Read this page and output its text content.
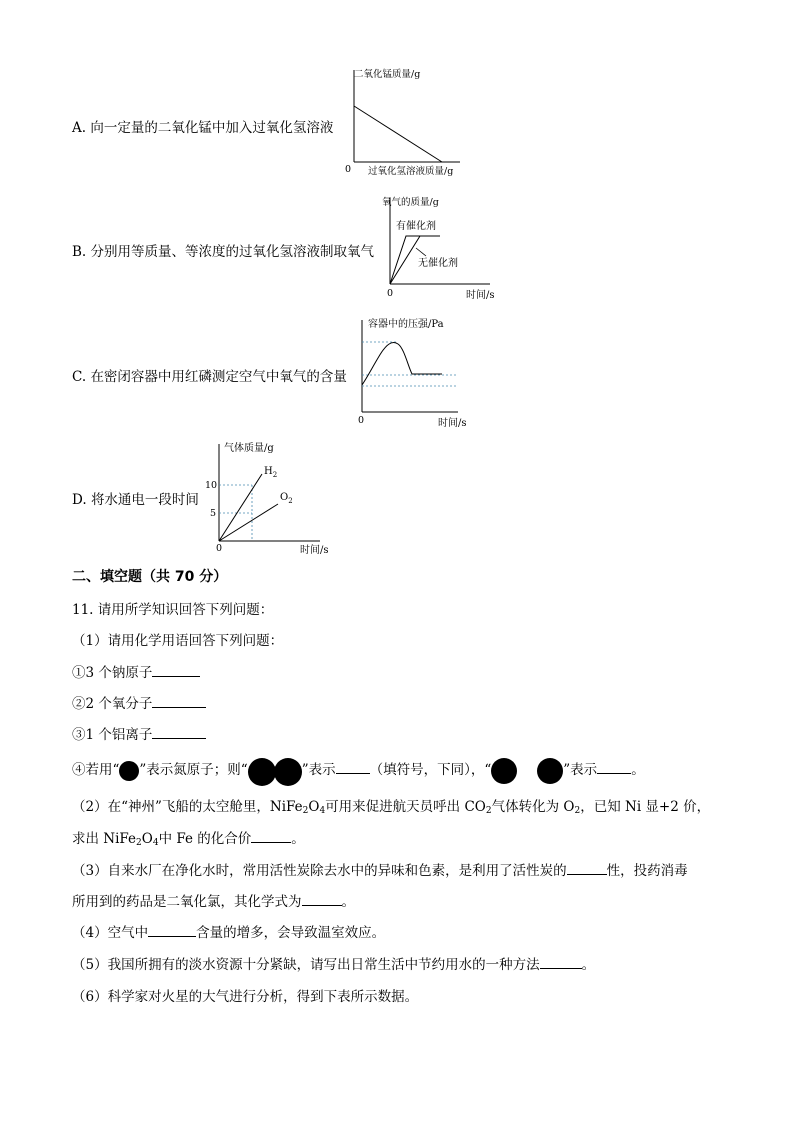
A. 向一定量的二氧化锰中加入过氧化氢溶液
二氧化锰质量/g
0 过氧化氢溶液质量/g
B. 分别用等质量、等浓度的过氧化氢溶液制取氧气
氧气的质量/g
有催化剂
无催化剂
0	时间/s
C. 在密闭容器中用红磷测定空气中氧气的含量
容器中的压强/Pa
0	时间/s
D. 将水通电一段时间
气体质量/g
10
5
$H_2$
$O_2$
0	时间/s
二、填空题（共 70 分）
11. 请用所学知识回答下列问题：
（1）请用化学用语回答下列问题：
①3 个钠原子
②2 个氧分子
③1 个铝离子
④若用“ ”表示氮原子；则“	”表示	（填符号，下同），“	”表示	。
（2）在“神州”飞船的太空舱里，$NiFe_2O_4$可用来促进航天员呼出 $CO_2$气体转化为 $O_2$，已知 Ni 显+2 价，
求出 $NiFe_2O_4$中 Fe 的化合价	。
（3）自来水厂在净化水时，常用活性炭除去水中的异味和色素，是利用了活性炭的	性，投药消毒
所用到的药品是二氧化氯，其化学式为	。
（4）空气中	含量的增多，会导致温室效应。
（5）我国所拥有的淡水资源十分紧缺，请写出日常生活中节约用水的一种方法	。
（6）科学家对火星的大气进行分析，得到下表所示数据。
